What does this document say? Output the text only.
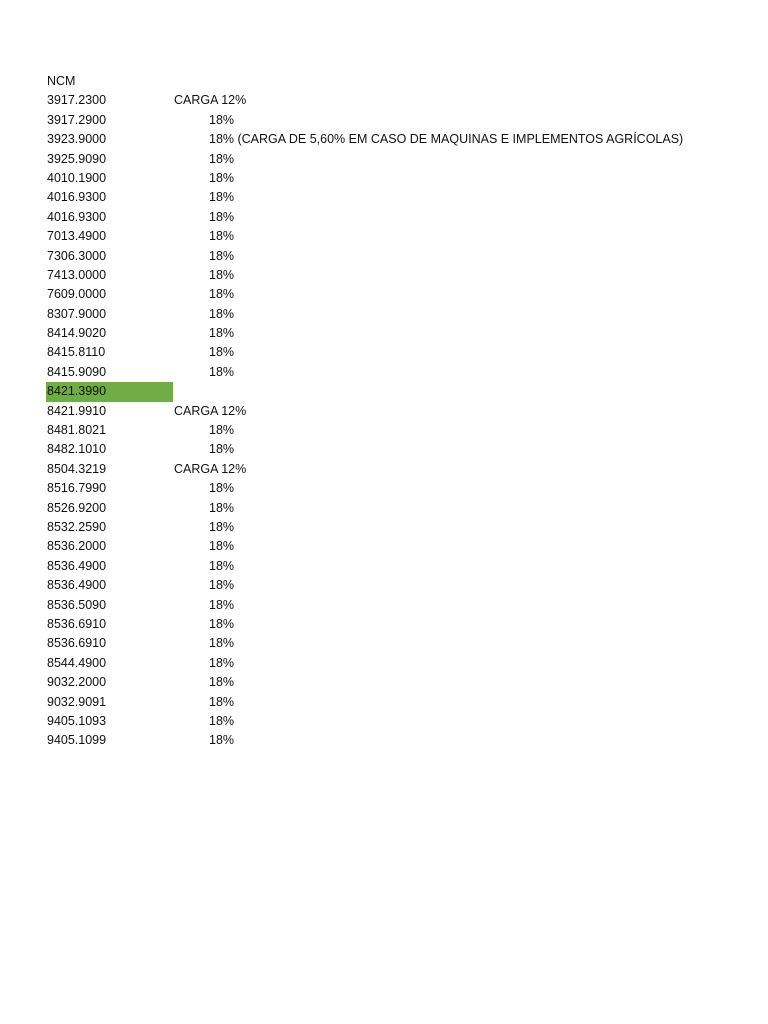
NCM
3917.2300	CARGA 12%
3917.2900	18%
3923.9000	18% (CARGA DE 5,60% EM CASO DE MAQUINAS E IMPLEMENTOS AGRÍCOLAS)
3925.9090	18%
4010.1900	18%
4016.9300	18%
4016.9300	18%
7013.4900	18%
7306.3000	18%
7413.0000	18%
7609.0000	18%
8307.9000	18%
8414.9020	18%
8415.8110	18%
8415.9090	18%
8421.3990
8421.9910	CARGA 12%
8481.8021	18%
8482.1010	18%
8504.3219	CARGA 12%
8516.7990	18%
8526.9200	18%
8532.2590	18%
8536.2000	18%
8536.4900	18%
8536.4900	18%
8536.5090	18%
8536.6910	18%
8536.6910	18%
8544.4900	18%
9032.2000	18%
9032.9091	18%
9405.1093	18%
9405.1099	18%
